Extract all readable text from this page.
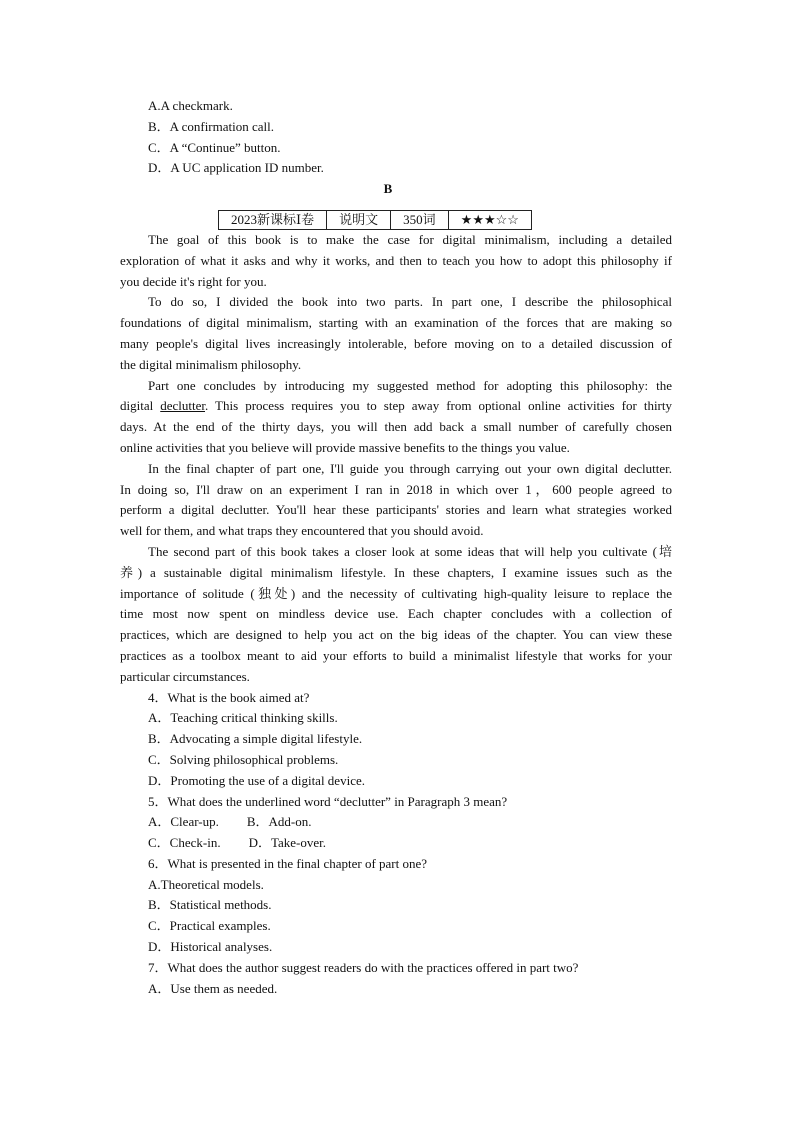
A.A checkmark.
B．A confirmation call.
C．A “Continue” button.
D．A UC application ID number.
B
2023新课标Ⅰ卷	说明文	350词	★★★☆☆
The goal of this book is to make the case for digital minimalism, including a detailed
exploration of what it asks and why it works, and then to teach you how to adopt this philosophy if
you decide it's right for you.
To do so, I divided the book into two parts. In part one, I describe the philosophical
foundations of digital minimalism, starting with an examination of the forces that are making so
many people's digital lives increasingly intolerable, before moving on to a detailed discussion of
the digital minimalism philosophy.
Part one concludes by introducing my suggested method for adopting this philosophy: the
digital declutter. This process requires you to step away from optional online activities for thirty
days. At the end of the thirty days, you will then add back a small number of carefully chosen
online activities that you believe will provide massive benefits to the things you value.
In the final chapter of part one, I'll guide you through carrying out your own digital declutter.
In doing so, I'll draw on an experiment I ran in 2018 in which over 1，600 people agreed to
perform a digital declutter. You'll hear these participants' stories and learn what strategies worked
well for them, and what traps they encountered that you should avoid.
The second part of this book takes a closer look at some ideas that will help you cultivate (培
养) a sustainable digital minimalism lifestyle. In these chapters, I examine issues such as the
importance of solitude (独处) and the necessity of cultivating high-quality leisure to replace the
time most now spent on mindless device use. Each chapter concludes with a collection of
practices, which are designed to help you act on the big ideas of the chapter. You can view these
practices as a toolbox meant to aid your efforts to build a minimalist lifestyle that works for your
particular circumstances.
4．What is the book aimed at?
A．Teaching critical thinking skills.
B．Advocating a simple digital lifestyle.
C．Solving philosophical problems.
D．Promoting the use of a digital device.
5．What does the underlined word “declutter” in Paragraph 3 mean?
A．Clear-up. B．Add-on.
C．Check-in. D．Take-over.
6．What is presented in the final chapter of part one?
A.Theoretical models.
B．Statistical methods.
C．Practical examples.
D．Historical analyses.
7．What does the author suggest readers do with the practices offered in part two?
A．Use them as needed.
